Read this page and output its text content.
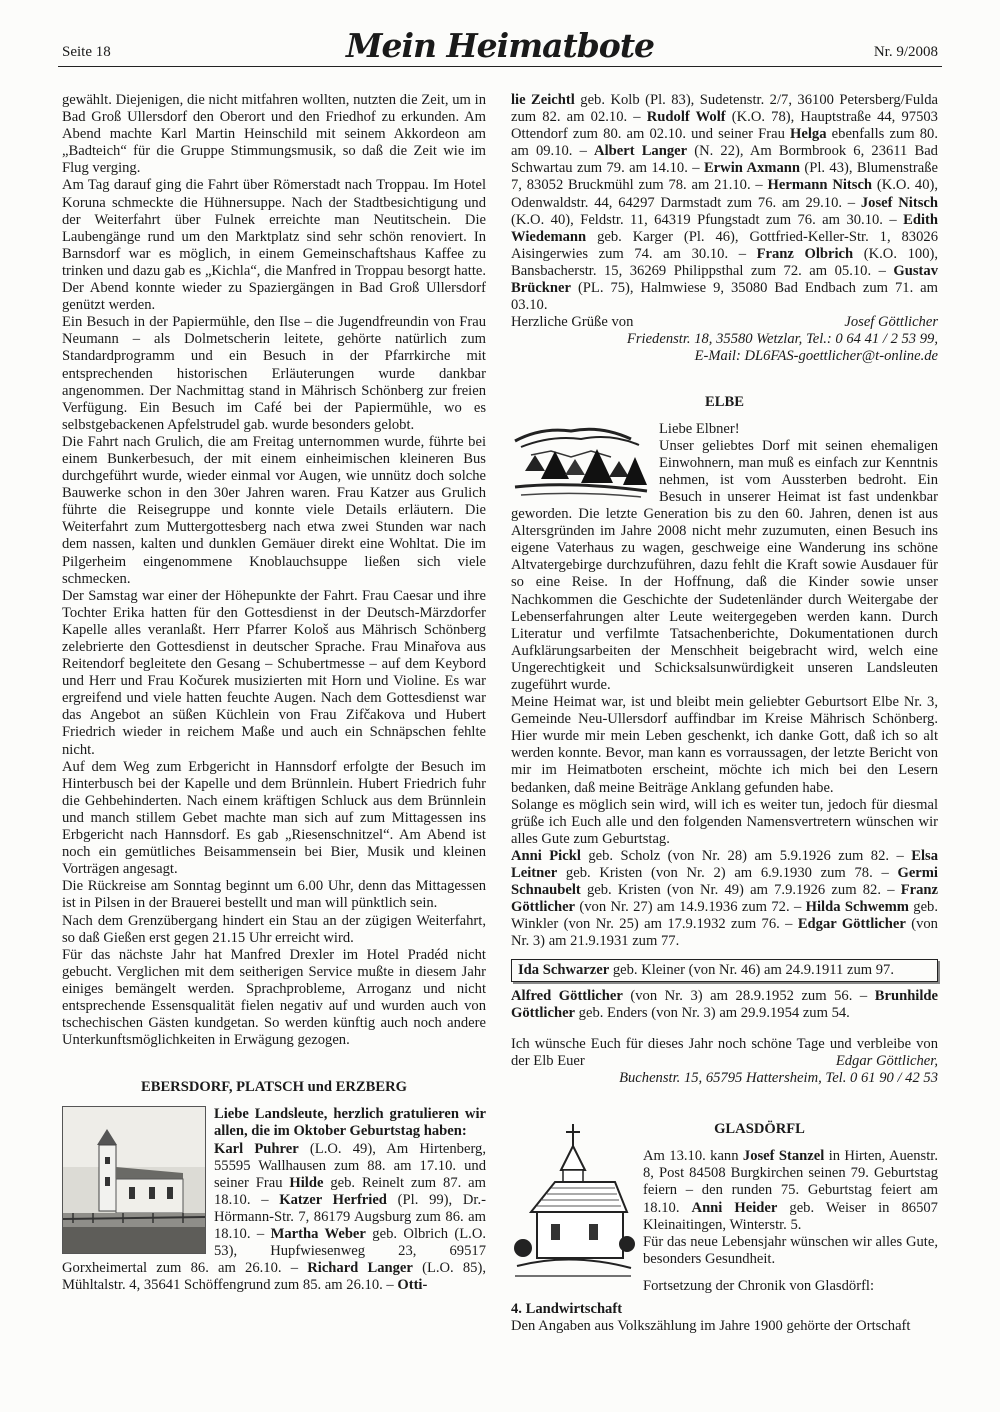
Seite 18	Mein Heimatbote	Nr. 9/2008

gewählt. Diejenigen, die nicht mitfahren wollten, nutzten die Zeit, um in Bad Groß Ullersdorf den Oberort und den Friedhof zu erkunden. Am Abend machte Karl Martin Heinschild mit seinem Akkordeon am „Badteich“ für die Gruppe Stimmungsmusik, so daß die Zeit wie im Flug verging.

Am Tag darauf ging die Fahrt über Römerstadt nach Troppau. Im Hotel Koruna schmeckte die Hühnersuppe. Nach der Stadtbesichtigung und der Weiterfahrt über Fulnek erreichte man Neutitschein. Die Laubengänge rund um den Marktplatz sind sehr schön renoviert. In Barnsdorf war es möglich, in einem Gemeinschaftshaus Kaffee zu trinken und dazu gab es „Kichla“, die Manfred in Troppau besorgt hatte. Der Abend konnte wieder zu Spaziergängen in Bad Groß Ullersdorf genützt werden.

Ein Besuch in der Papiermühle, den Ilse – die Jugendfreundin von Frau Neumann – als Dolmetscherin leitete, gehörte natürlich zum Standardprogramm und ein Besuch in der Pfarrkirche mit entsprechenden historischen Erläuterungen wurde dankbar angenommen. Der Nachmittag stand in Mährisch Schönberg zur freien Verfügung. Ein Besuch im Café bei der Papiermühle, wo es selbstgebackenen Apfelstrudel gab. wurde besonders gelobt.

Die Fahrt nach Grulich, die am Freitag unternommen wurde, führte bei einem Bunkerbesuch, der mit einem einheimischen kleineren Bus durchgeführt wurde, wieder einmal vor Augen, wie unnütz doch solche Bauwerke schon in den 30er Jahren waren. Frau Katzer aus Grulich führte die Reisegruppe und konnte viele Details erläutern. Die Weiterfahrt zum Muttergottesberg nach etwa zwei Stunden war nach dem nassen, kalten und dunklen Gemäuer direkt eine Wohltat. Die im Pilgerheim eingenommene Knoblauchsuppe ließen sich viele schmecken.

Der Samstag war einer der Höhepunkte der Fahrt. Frau Caesar und ihre Tochter Erika hatten für den Gottesdienst in der Deutsch-Märzdorfer Kapelle alles veranlaßt. Herr Pfarrer Kološ aus Mährisch Schönberg zelebrierte den Gottesdienst in deutscher Sprache. Frau Minařova aus Reitendorf begleitete den Gesang – Schubertmesse – auf dem Keybord und Herr und Frau Kočurek musizierten mit Horn und Violine. Es war ergreifend und viele hatten feuchte Augen. Nach dem Gottesdienst war das Angebot an süßen Küchlein von Frau Zifčakova und Hubert Friedrich wieder in reichem Maße und auch ein Schnäpschen fehlte nicht.

Auf dem Weg zum Erbgericht in Hannsdorf erfolgte der Besuch im Hinterbusch bei der Kapelle und dem Brünnlein. Hubert Friedrich fuhr die Gehbehinderten. Nach einem kräftigen Schluck aus dem Brünnlein und manch stillem Gebet machte man sich auf zum Mittagessen ins Erbgericht nach Hannsdorf. Es gab „Riesenschnitzel“. Am Abend ist noch ein gemütliches Beisammensein bei Bier, Musik und kleinen Vorträgen angesagt.

Die Rückreise am Sonntag beginnt um 6.00 Uhr, denn das Mittagessen ist in Pilsen in der Brauerei bestellt und man will pünktlich sein.

Nach dem Grenzübergang hindert ein Stau an der zügigen Weiterfahrt, so daß Gießen erst gegen 21.15 Uhr erreicht wird.

Für das nächste Jahr hat Manfred Drexler im Hotel Pradéd nicht gebucht. Verglichen mit dem seitherigen Service mußte in diesem Jahr einiges bemängelt werden. Sprachprobleme, Arroganz und nicht entsprechende Essensqualität fielen negativ auf und wurden auch von tschechischen Gästen kundgetan. So werden künftig auch noch andere Unterkunftsmöglichkeiten in Erwägung gezogen.

EBERSDORF, PLATSCH und ERZBERG

Liebe Landsleute, herzlich gratulieren wir allen, die im Oktober Geburtstag haben:

Karl Puhrer (L.O. 49), Am Hirtenberg, 55595 Wallhausen zum 88. am 17.10. und seiner Frau Hilde geb. Reinelt zum 87. am 18.10. – Katzer Herfried (Pl. 99), Dr.-Hörmann-Str. 7, 86179 Augsburg zum 86. am 18.10. – Martha Weber geb. Olbrich (L.O. 53), Hupfwiesenweg 23, 69517 Gorxheimertal zum 86. am 26.10. – Richard Langer (L.O. 85), Mühltalstr. 4, 35641 Schöffengrund zum 85. am 26.10. – Otti-

lie Zeichtl geb. Kolb (Pl. 83), Sudetenstr. 2/7, 36100 Petersberg/Fulda zum 82. am 02.10. – Rudolf Wolf (K.O. 78), Hauptstraße 44, 97503 Ottendorf zum 80. am 02.10. und seiner Frau Helga ebenfalls zum 80. am 09.10. – Albert Langer (N. 22), Am Bormbrook 6, 23611 Bad Schwartau zum 79. am 14.10. – Erwin Axmann (Pl. 43), Blumenstraße 7, 83052 Bruckmühl zum 78. am 21.10. – Hermann Nitsch (K.O. 40), Odenwaldstr. 44, 64297 Darmstadt zum 76. am 29.10. – Josef Nitsch (K.O. 40), Feldstr. 11, 64319 Pfungstadt zum 76. am 30.10. – Edith Wiedemann geb. Karger (Pl. 46), Gottfried-Keller-Str. 1, 83026 Aisingerwies zum 74. am 30.10. – Franz Olbrich (K.O. 100), Bansbacherstr. 15, 36269 Philippsthal zum 72. am 05.10. – Gustav Brückner (PL. 75), Halmwiese 9, 35080 Bad Endbach zum 71. am 03.10.

Herzliche Grüße von	Josef Göttlicher

Friedenstr. 18, 35580 Wetzlar, Tel.: 0 64 41 / 2 53 99,

E-Mail: DL6FAS-goettlicher@t-online.de

ELBE

Liebe Elbner!

Unser geliebtes Dorf mit seinen ehemaligen Einwohnern, man muß es einfach zur Kenntnis nehmen, ist vom Aussterben bedroht. Ein Besuch in unserer Heimat ist fast undenkbar geworden. Die letzte Generation bis zu den 60. Jahren, denen ist aus Altersgründen im Jahre 2008 nicht mehr zuzumuten, einen Besuch ins eigene Vaterhaus zu wagen, geschweige eine Wanderung ins schöne Altvatergebirge durchzuführen, dazu fehlt die Kraft sowie Ausdauer für so eine Reise. In der Hoffnung, daß die Kinder sowie unser Nachkommen die Geschichte der Sudetenländer durch Weitergabe der Lebenserfahrungen alter Leute weitergegeben werden kann. Durch Literatur und verfilmte Tatsachenberichte, Dokumentationen durch Aufklärungsarbeiten der Menschheit beigebracht wird, welch eine Ungerechtigkeit und Schicksalsunwürdigkeit unseren Landsleuten zugeführt wurde.

Meine Heimat war, ist und bleibt mein geliebter Geburtsort Elbe Nr. 3, Gemeinde Neu-Ullersdorf auffindbar im Kreise Mährisch Schönberg. Hier wurde mir mein Leben geschenkt, ich danke Gott, daß ich so alt werden konnte. Bevor, man kann es vorraussagen, der letzte Bericht von mir im Heimatboten erscheint, möchte ich mich bei den Lesern bedanken, daß meine Beiträge Anklang gefunden habe.

Solange es möglich sein wird, will ich es weiter tun, jedoch für diesmal grüße ich Euch alle und den folgenden Namensvertretern wünschen wir alles Gute zum Geburtstag.

Anni Pickl geb. Scholz (von Nr. 28) am 5.9.1926 zum 82. – Elsa Leitner geb. Kristen (von Nr. 2) am 6.9.1930 zum 78. – Germi Schnaubelt geb. Kristen (von Nr. 49) am 7.9.1926 zum 82. – Franz Göttlicher (von Nr. 27) am 14.9.1936 zum 72. – Hilda Schwemm geb. Winkler (von Nr. 25) am 17.9.1932 zum 76. – Edgar Göttlicher (von Nr. 3) am 21.9.1931 zum 77.

Ida Schwarzer geb. Kleiner (von Nr. 46) am 24.9.1911 zum 97.

Alfred Göttlicher (von Nr. 3) am 28.9.1952 zum 56. – Brunhilde Göttlicher geb. Enders (von Nr. 3) am 29.9.1954 zum 54.

Ich wünsche Euch für dieses Jahr noch schöne Tage und verbleibe von der Elb Euer	Edgar Göttlicher,

Buchenstr. 15, 65795 Hattersheim, Tel. 0 61 90 / 42 53

GLASDÖRFL

Am 13.10. kann Josef Stanzel in Hirten, Auenstr. 8, Post 84508 Burgkirchen seinen 79. Geburtstag feiern – den runden 75. Geburtstag feiert am 18.10. Anni Heider geb. Weiser in 86507 Kleinaitingen, Winterstr. 5.

Für das neue Lebensjahr wünschen wir alles Gute, besonders Gesundheit.

Fortsetzung der Chronik von Glasdörfl:

4. Landwirtschaft

Den Angaben aus Volkszählung im Jahre 1900 gehörte der Ortschaft
